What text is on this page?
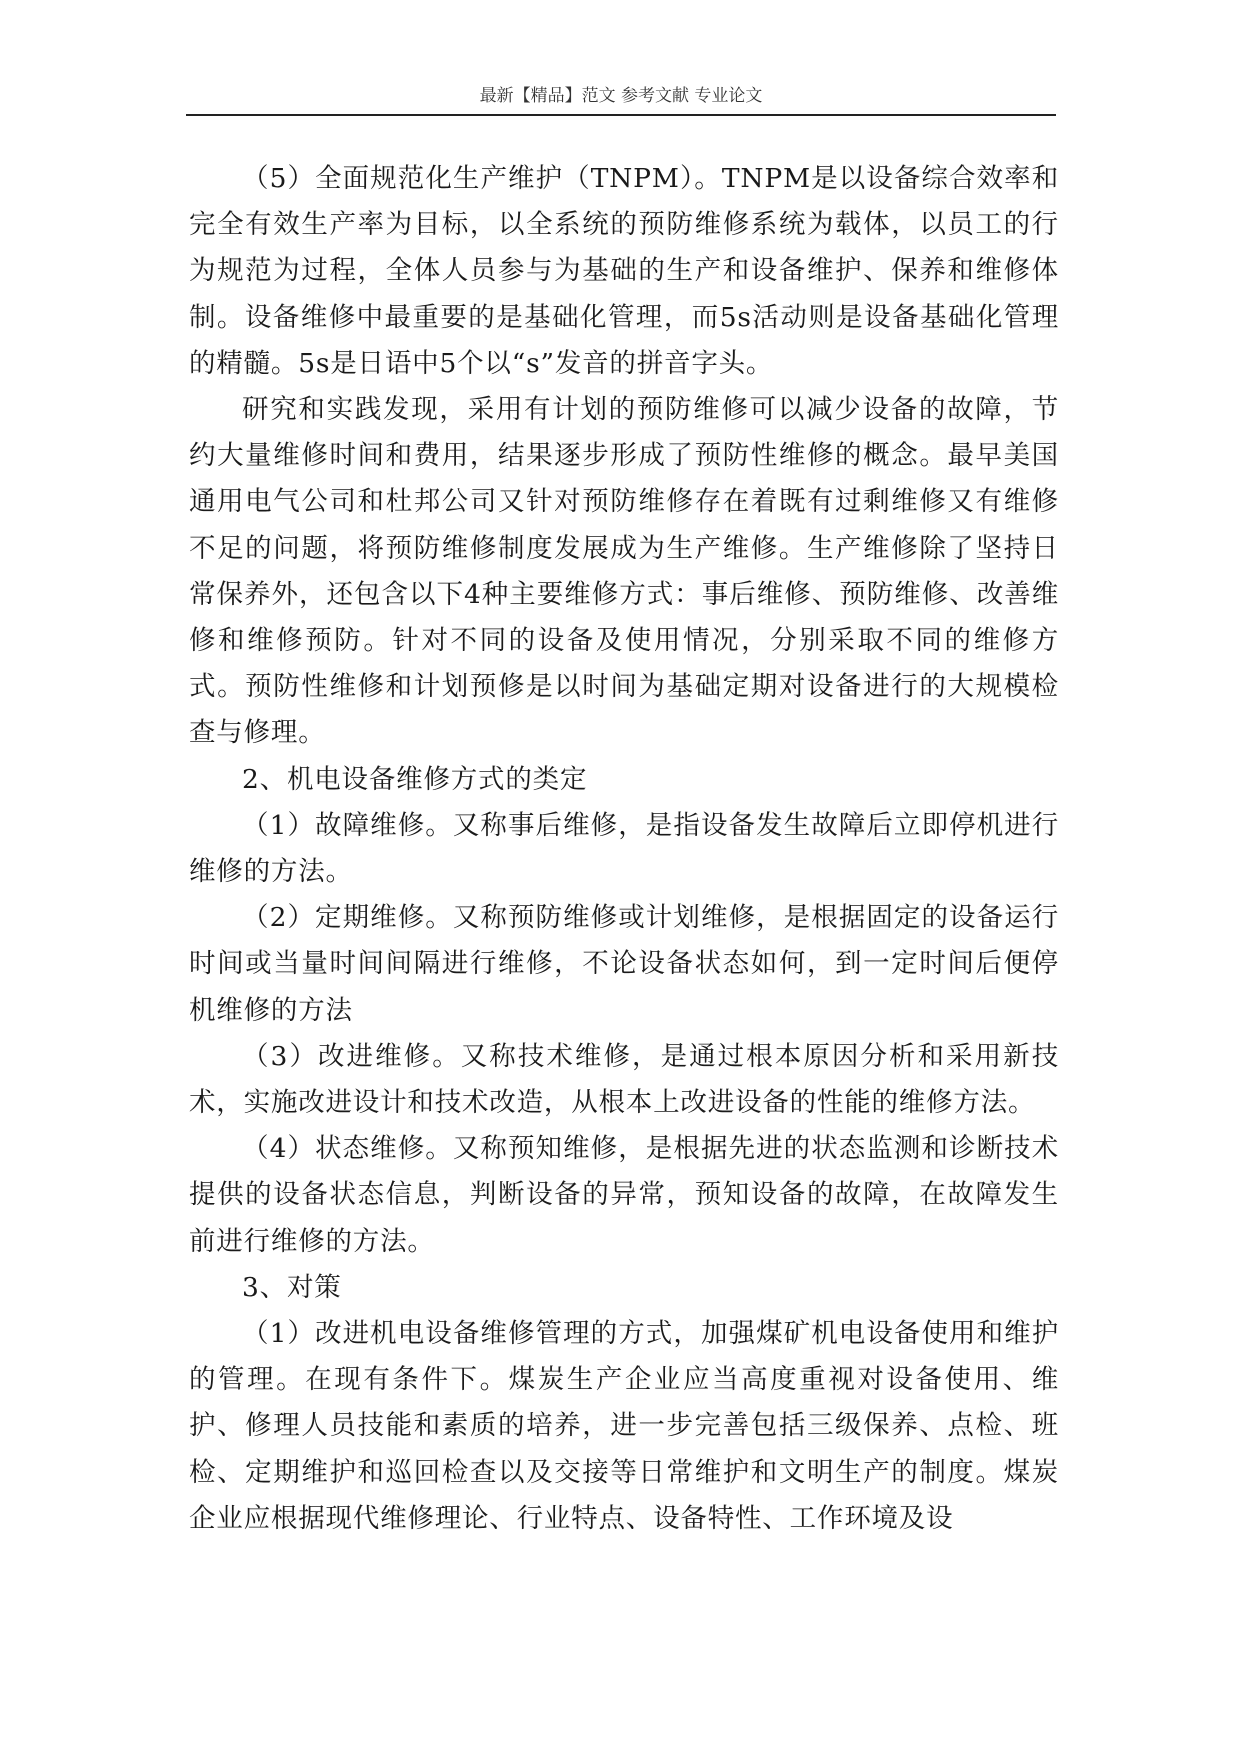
最新【精品】范文 参考文献 专业论文

（5）全面规范化生产维护（TNPM）。TNPM是以设备综合效率和完全有效生产率为目标，以全系统的预防维修系统为载体，以员工的行为规范为过程，全体人员参与为基础的生产和设备维护、保养和维修体制。设备维修中最重要的是基础化管理，而5s活动则是设备基础化管理的精髓。5s是日语中5个以“s”发音的拼音字头。

研究和实践发现，采用有计划的预防维修可以减少设备的故障，节约大量维修时间和费用，结果逐步形成了预防性维修的概念。最早美国通用电气公司和杜邦公司又针对预防维修存在着既有过剩维修又有维修不足的问题，将预防维修制度发展成为生产维修。生产维修除了坚持日常保养外，还包含以下4种主要维修方式：事后维修、预防维修、改善维修和维修预防。针对不同的设备及使用情况，分别采取不同的维修方式。预防性维修和计划预修是以时间为基础定期对设备进行的大规模检查与修理。

2、机电设备维修方式的类定

（1）故障维修。又称事后维修，是指设备发生故障后立即停机进行维修的方法。

（2）定期维修。又称预防维修或计划维修，是根据固定的设备运行时间或当量时间间隔进行维修，不论设备状态如何，到一定时间后便停机维修的方法

（3）改进维修。又称技术维修，是通过根本原因分析和采用新技术，实施改进设计和技术改造，从根本上改进设备的性能的维修方法。

（4）状态维修。又称预知维修，是根据先进的状态监测和诊断技术提供的设备状态信息，判断设备的异常，预知设备的故障，在故障发生前进行维修的方法。

3、对策

（1）改进机电设备维修管理的方式，加强煤矿机电设备使用和维护的管理。在现有条件下。煤炭生产企业应当高度重视对设备使用、维护、修理人员技能和素质的培养，进一步完善包括三级保养、点检、班检、定期维护和巡回检查以及交接等日常维护和文明生产的制度。煤炭企业应根据现代维修理论、行业特点、设备特性、工作环境及设
